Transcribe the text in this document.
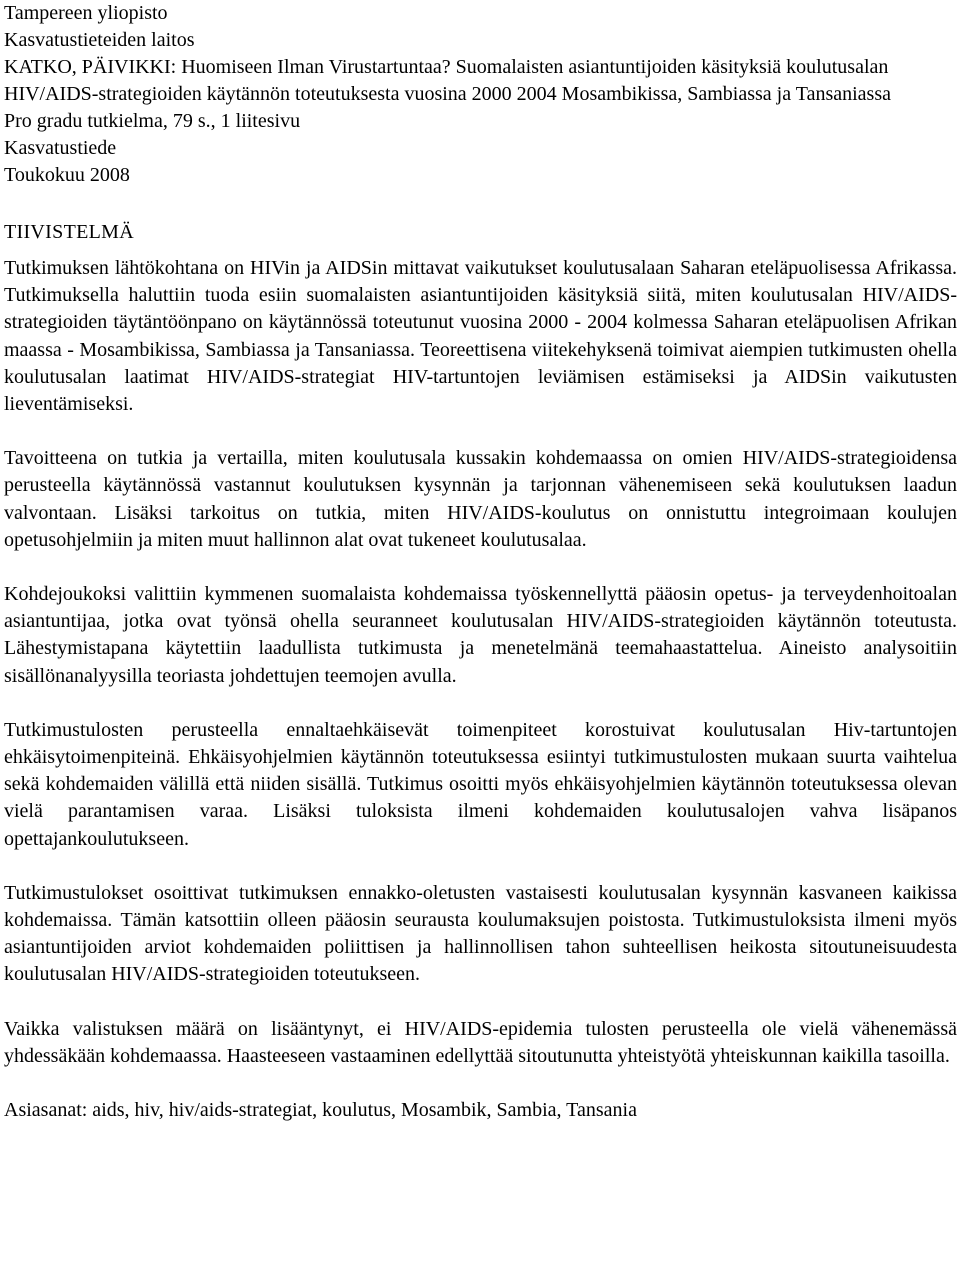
Tampereen yliopisto
Kasvatustieteiden laitos
KATKO, PÄIVIKKI: Huomiseen Ilman Virustartuntaa? Suomalaisten asiantuntijoiden käsityksiä koulutusalan HIV/AIDS-strategioiden käytännön toteutuksesta vuosina 2000 2004 Mosambikissa, Sambiassa ja Tansaniassa
Pro gradu tutkielma, 79 s., 1 liitesivu
Kasvatustiede
Toukokuu 2008
TIIVISTELMÄ

Tutkimuksen lähtökohtana on HIVin ja AIDSin mittavat vaikutukset koulutusalaan Saharan eteläpuolisessa Afrikassa. Tutkimuksella haluttiin tuoda esiin suomalaisten asiantuntijoiden käsityksiä siitä, miten koulutusalan HIV/AIDS-strategioiden täytäntöönpano on käytännössä toteutunut vuosina 2000 - 2004 kolmessa Saharan eteläpuolisen Afrikan maassa - Mosambikissa, Sambiassa ja Tansaniassa. Teoreettisena viitekehyksenä toimivat aiempien tutkimusten ohella koulutusalan laatimat HIV/AIDS-strategiat HIV-tartuntojen leviämisen estämiseksi ja AIDSin vaikutusten lieventämiseksi.

Tavoitteena on tutkia ja vertailla, miten koulutusala kussakin kohdemaassa on omien HIV/AIDS-strategioidensa perusteella käytännössä vastannut koulutuksen kysynnän ja tarjonnan vähenemiseen sekä koulutuksen laadun valvontaan. Lisäksi tarkoitus on tutkia, miten HIV/AIDS-koulutus on onnistuttu integroimaan koulujen opetusohjelmiin ja miten muut hallinnon alat ovat tukeneet koulutusalaa.

Kohdejoukoksi valittiin kymmenen suomalaista kohdemaissa työskennellyttä pääosin opetus- ja terveydenhoitoalan asiantuntijaa, jotka ovat työnsä ohella seuranneet koulutusalan HIV/AIDS-strategioiden käytännön toteutusta. Lähestymistapana käytettiin laadullista tutkimusta ja menetelmänä teemahaastattelua. Aineisto analysoitiin sisällönanalyysilla teoriasta johdettujen teemojen avulla.

Tutkimustulosten perusteella ennaltaehkäisevät toimenpiteet korostuivat koulutusalan Hiv-tartuntojen ehkäisytoimenpiteinä. Ehkäisyohjelmien käytännön toteutuksessa esiintyi tutkimustulosten mukaan suurta vaihtelua sekä kohdemaiden välillä että niiden sisällä. Tutkimus osoitti myös ehkäisyohjelmien käytännön toteutuksessa olevan vielä parantamisen varaa. Lisäksi tuloksista ilmeni kohdemaiden koulutusalojen vahva lisäpanos opettajankoulutukseen.

Tutkimustulokset osoittivat tutkimuksen ennakko-oletusten vastaisesti koulutusalan kysynnän kasvaneen kaikissa kohdemaissa. Tämän katsottiin olleen pääosin seurausta koulumaksujen poistosta. Tutkimustuloksista ilmeni myös asiantuntijoiden arviot kohdemaiden poliittisen ja hallinnollisen tahon suhteellisen heikosta sitoutuneisuudesta koulutusalan HIV/AIDS-strategioiden toteutukseen.

Vaikka valistuksen määrä on lisääntynyt, ei HIV/AIDS-epidemia tulosten perusteella ole vielä vähenemässä yhdessäkään kohdemaassa. Haasteeseen vastaaminen edellyttää sitoutunutta yhteistyötä yhteiskunnan kaikilla tasoilla.

Asiasanat: aids, hiv, hiv/aids-strategiat, koulutus, Mosambik, Sambia, Tansania
